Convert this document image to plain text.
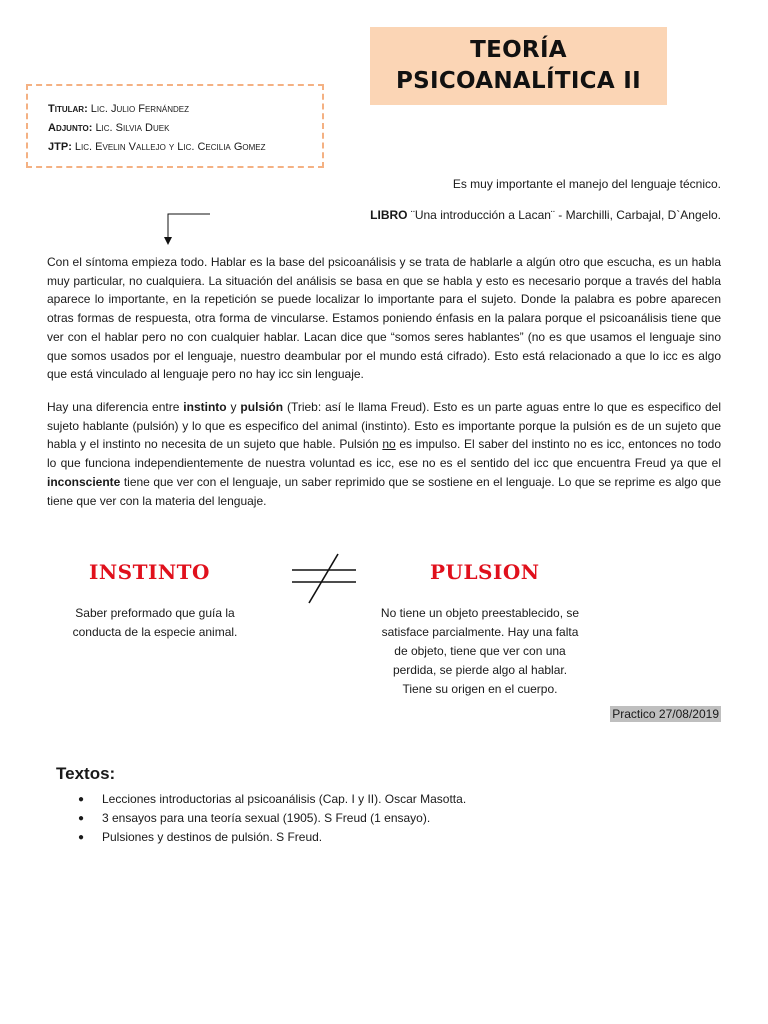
TEORÍA
PSICOANALÍTICA II
Titular: Lic. Julio Fernández
Adjunto: Lic. Silvia Duek
JTP: Lic. Evelin Vallejo y Lic. Cecilia Gomez
Es muy importante el manejo del lenguaje técnico.
LIBRO ¨Una introducción a Lacan¨ - Marchilli, Carbajal, D`Angelo.
Con el síntoma empieza todo. Hablar es la base del psicoanálisis y se trata de hablarle a algún otro que escucha, es un habla muy particular, no cualquiera. La situación del análisis se basa en que se habla y esto es necesario porque a través del habla aparece lo importante, en la repetición se puede localizar lo importante para el sujeto. Donde la palabra es pobre aparecen otras formas de respuesta, otra forma de vincularse. Estamos poniendo énfasis en la palara porque el psicoanálisis tiene que ver con el hablar pero no con cualquier hablar. Lacan dice que “somos seres hablantes” (no es que usamos el lenguaje sino que somos usados por el lenguaje, nuestro deambular por el mundo está cifrado). Esto está relacionado a que lo icc es algo que está vinculado al lenguaje pero no hay icc sin lenguaje.
Hay una diferencia entre instinto y pulsión (Trieb: así le llama Freud). Esto es un parte aguas entre lo que es especifico del sujeto hablante (pulsión) y lo que es especifico del animal (instinto). Esto es importante porque la pulsión es de un sujeto que habla y el instinto no necesita de un sujeto que hable. Pulsión no es impulso. El saber del instinto no es icc, entonces no todo lo que funciona independientemente de nuestra voluntad es icc, ese no es el sentido del icc que encuentra Freud ya que el inconsciente tiene que ver con el lenguaje, un saber reprimido que se sostiene en el lenguaje. Lo que se reprime es algo que tiene que ver con la materia del lenguaje.
INSTINTO	PULSION
Saber preformado que guía la conducta de la especie animal.
No tiene un objeto preestablecido, se satisface parcialmente. Hay una falta de objeto, tiene que ver con una perdida, se pierde algo al hablar. Tiene su origen en el cuerpo.
Practico 27/08/2019
Textos:
● Lecciones introductorias al psicoanálisis (Cap. I y II). Oscar Masotta.
● 3 ensayos para una teoría sexual (1905). S Freud (1 ensayo).
● Pulsiones y destinos de pulsión. S Freud.
